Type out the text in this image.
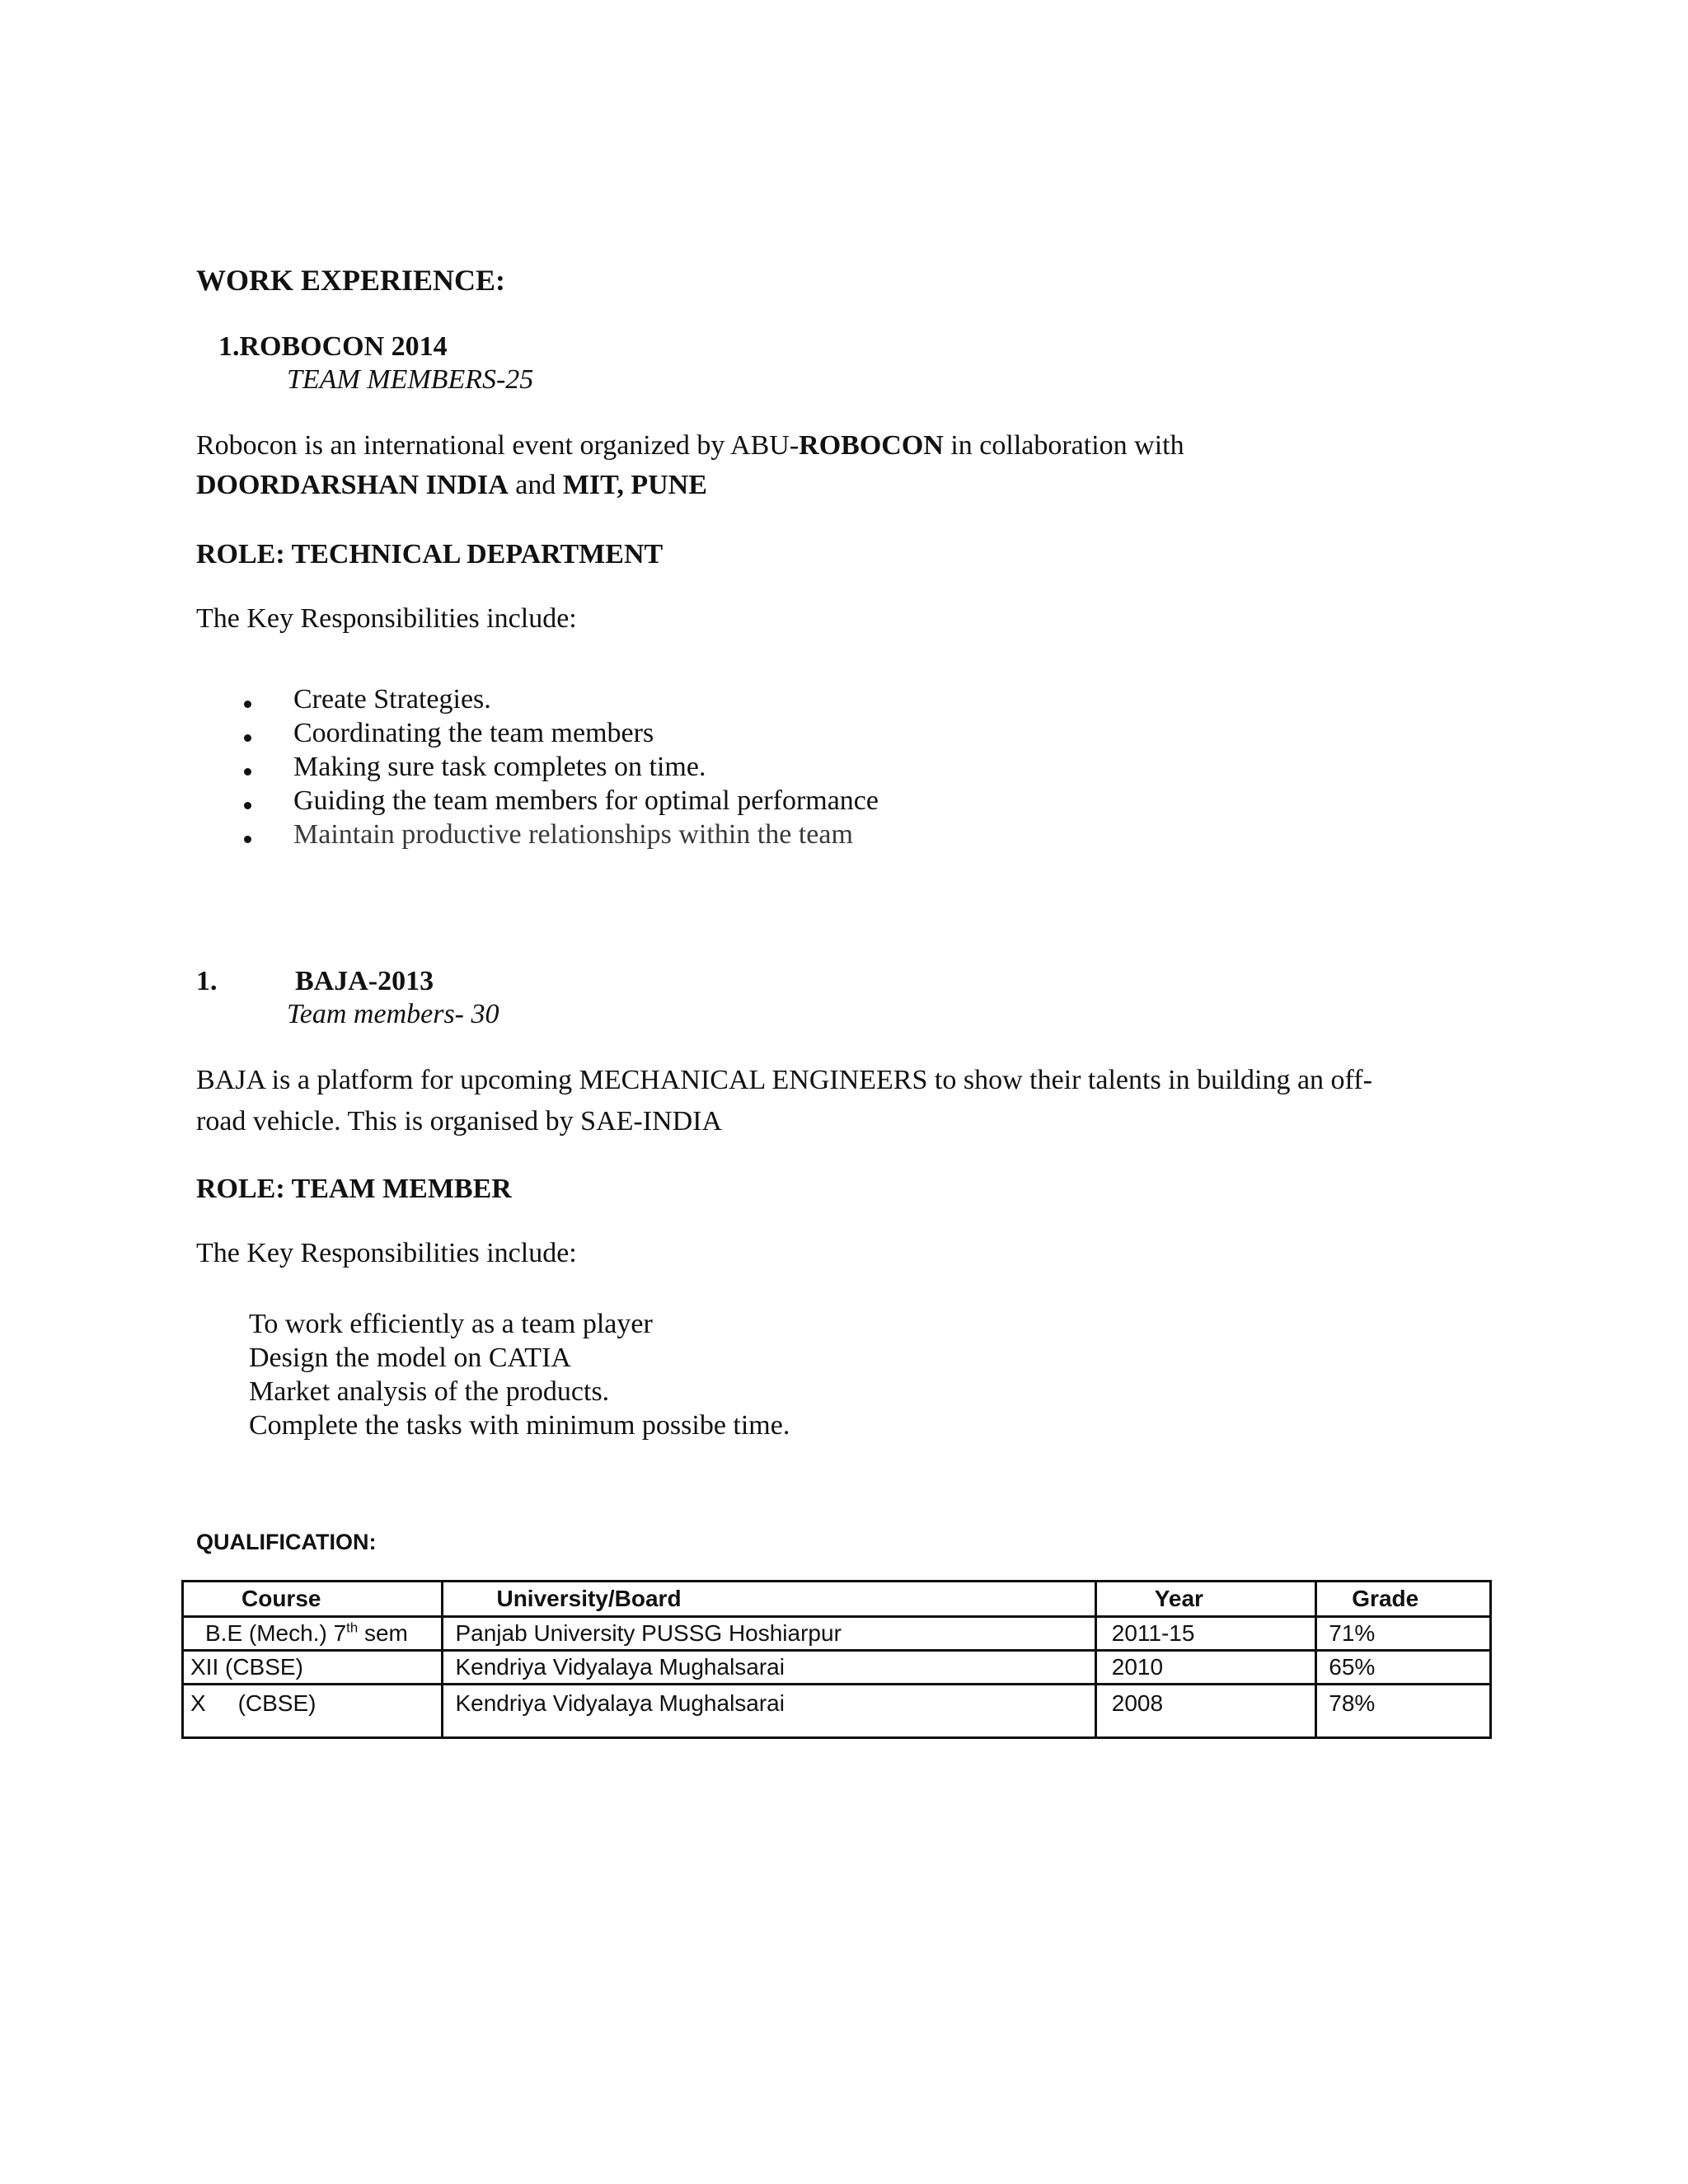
WORK EXPERIENCE:
1.ROBOCON 2014
TEAM MEMBERS-25
Robocon is an international event organized by ABU-ROBOCON in collaboration with
DOORDARSHAN INDIA and MIT, PUNE
ROLE: TECHNICAL DEPARTMENT
The Key Responsibilities include:
Create Strategies.
Coordinating the team members
Making sure task completes on time.
Guiding the team members for optimal performance
Maintain productive relationships within the team
1.	BAJA-2013
Team members- 30
BAJA is a platform for upcoming MECHANICAL ENGINEERS to show their talents in building an off-
road vehicle. This is organised by SAE-INDIA
ROLE: TEAM MEMBER
The Key Responsibilities include:
To work efficiently as a team player
Design the model on CATIA
Market analysis of the products.
Complete the tasks with minimum possibe time.
QUALIFICATION:
Course	University/Board	Year	Grade
B.E (Mech.) 7th sem	Panjab University PUSSG Hoshiarpur	2011-15	71%
XII (CBSE)	Kendriya Vidyalaya Mughalsarai	2010	65%
X     (CBSE)	Kendriya Vidyalaya Mughalsarai	2008	78%
